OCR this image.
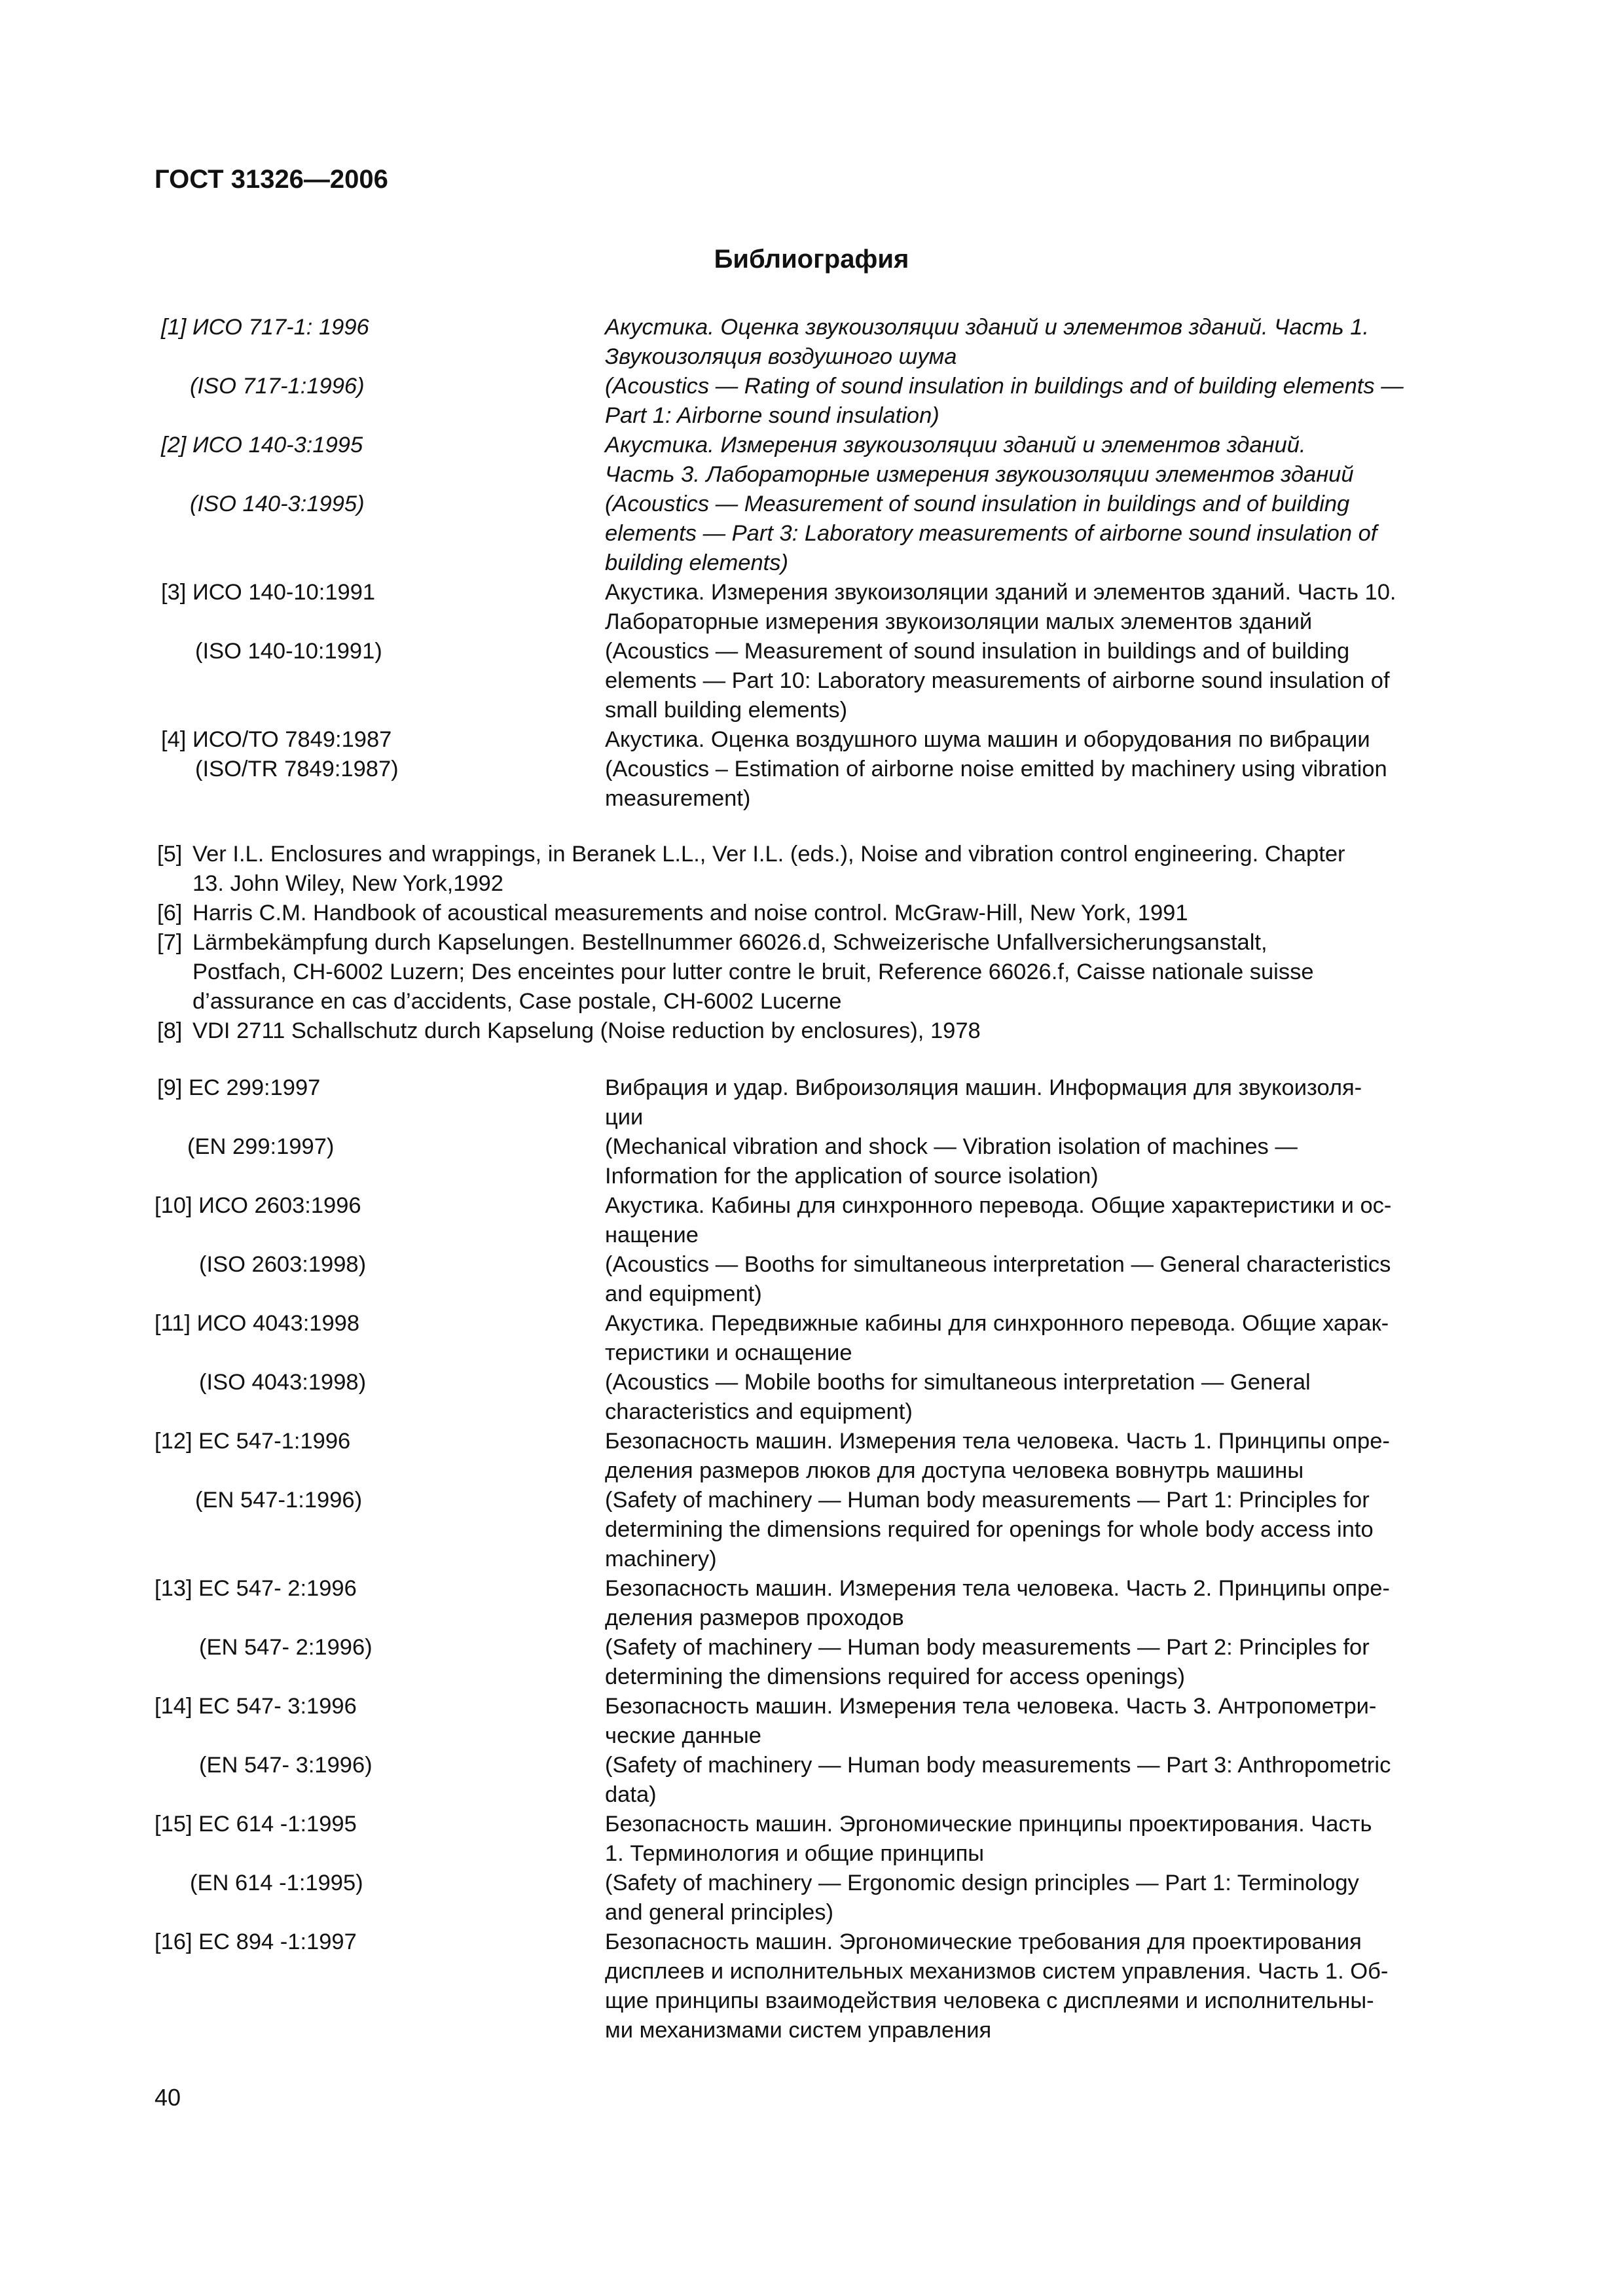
ГОСТ 31326—2006

Библиография

[1] ИСО 717-1: 1996	Акустика. Оценка звукоизоляции зданий и элементов зданий. Часть 1.
Звукоизоляция воздушного шума
(ISO 717-1:1996)	(Acoustics — Rating of sound insulation in buildings and of building elements —
Part 1: Airborne sound insulation)
[2] ИСО 140-3:1995	Акустика. Измерения звукоизоляции зданий и элементов зданий.
Часть 3. Лабораторные измерения звукоизоляции элементов зданий
(ISO 140-3:1995)	(Acoustics — Measurement of sound insulation in buildings and of building
elements — Part 3: Laboratory measurements of airborne sound insulation of
building elements)
[3] ИСО 140-10:1991	Акустика. Измерения звукоизоляции зданий и элементов зданий. Часть 10.
Лабораторные измерения звукоизоляции малых элементов зданий
(ISO 140-10:1991)	(Acoustics — Measurement of sound insulation in buildings and of building
elements — Part 10: Laboratory measurements of airborne sound insulation of
small building elements)
[4] ИСО/ТО 7849:1987	Акустика. Оценка воздушного шума машин и оборудования по вибрации
(ISO/TR 7849:1987)	(Acoustics – Estimation of airborne noise emitted by machinery using vibration
measurement)
[5] Ver I.L. Enclosures and wrappings, in Beranek L.L., Ver I.L. (eds.), Noise and vibration control engineering. Chapter
13. John Wiley, New York,1992
[6] Harris C.M. Handbook of acoustical measurements and noise control. McGraw-Hill, New York, 1991
[7] Lärmbekämpfung durch Kapselungen. Bestellnummer 66026.d, Schweizerische Unfallversicherungsanstalt,
Postfach, CH-6002 Luzern; Des enceintes pour lutter contre le bruit, Reference 66026.f, Caisse nationale suisse
d’assurance en cas d’accidents, Case postale, CH-6002 Lucerne
[8] VDI 2711 Schallschutz durch Kapselung (Noise reduction by enclosures), 1978
[9] ЕС 299:1997	Вибрация и удар. Виброизоляция машин. Информация для звукоизоля-
ции
(EN 299:1997)	(Mechanical vibration and shock — Vibration isolation of machines —
Information for the application of source isolation)
[10] ИСО 2603:1996	Акустика. Кабины для синхронного перевода. Общие характеристики и ос-
нащение
(ISO 2603:1998)	(Acoustics — Booths for simultaneous interpretation — General characteristics
and equipment)
[11] ИСО 4043:1998	Акустика. Передвижные кабины для синхронного перевода. Общие харак-
теристики и оснащение
(ISO 4043:1998)	(Acoustics — Mobile booths for simultaneous interpretation — General
characteristics and equipment)
[12] ЕС 547-1:1996	Безопасность машин. Измерения тела человека. Часть 1. Принципы опре-
деления размеров люков для доступа человека вовнутрь машины
(EN 547-1:1996)	(Safety of machinery — Human body measurements — Part 1: Principles for
determining the dimensions required for openings for whole body access into
machinery)
[13] ЕС 547- 2:1996	Безопасность машин. Измерения тела человека. Часть 2. Принципы опре-
деления размеров проходов
(EN 547- 2:1996)	(Safety of machinery — Human body measurements — Part 2: Principles for
determining the dimensions required for access openings)
[14] ЕС 547- 3:1996	Безопасность машин. Измерения тела человека. Часть 3. Антропометри-
ческие данные
(EN 547- 3:1996)	(Safety of machinery — Human body measurements — Part 3: Anthropometric
data)
[15] ЕС 614 -1:1995	Безопасность машин. Эргономические принципы проектирования. Часть
1. Терминология и общие принципы
(EN 614 -1:1995)	(Safety of machinery — Ergonomic design principles — Part 1: Terminology
and general principles)
[16] ЕС 894 -1:1997	Безопасность машин. Эргономические требования для проектирования
дисплеев и исполнительных механизмов систем управления. Часть 1. Об-
щие принципы взаимодействия человека с дисплеями и исполнительны-
ми механизмами систем управления

40
